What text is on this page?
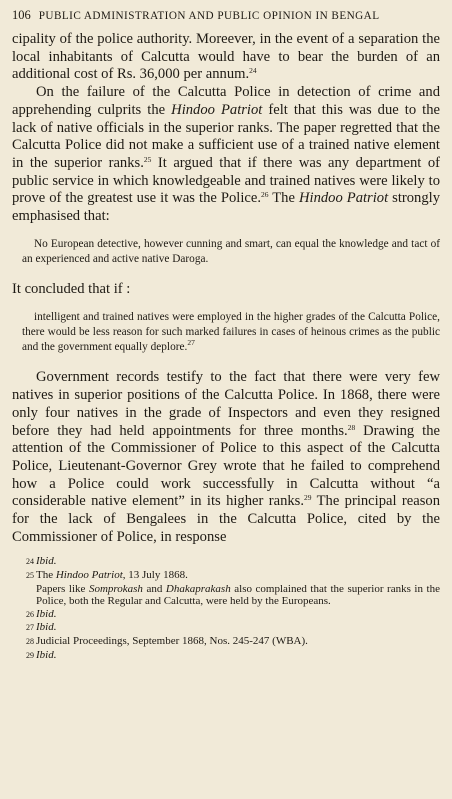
106 PUBLIC ADMINISTRATION AND PUBLIC OPINION IN BENGAL

cipality of the police authority. Moreever, in the event of a separation the local inhabitants of Calcutta would have to bear the burden of an additional cost of Rs. 36,000 per annum.$^{24}$

On the failure of the Calcutta Police in detection of crime and apprehending culprits the Hindoo Patriot felt that this was due to the lack of native officials in the superior ranks. The paper regretted that the Calcutta Police did not make a sufficient use of a trained native element in the superior ranks.$^{25}$ It argued that if there was any department of public service in which knowledgeable and trained natives were likely to prove of the greatest use it was the Police.$^{26}$ The Hindoo Patriot strongly emphasised that:

No European detective, however cunning and smart, can equal the knowledge and tact of an experienced and active native Daroga.

It concluded that if :

intelligent and trained natives were employed in the higher grades of the Calcutta Police, there would be less reason for such marked failures in cases of heinous crimes as the public and the government equally deplore.$^{27}$

Government records testify to the fact that there were very few natives in superior positions of the Calcutta Police. In 1868, there were only four natives in the grade of Inspectors and even they resigned before they had held appointments for three months.$^{28}$ Drawing the attention of the Commissioner of Police to this aspect of the Calcutta Police, Lieutenant-Governor Grey wrote that he failed to comprehend how a Police could work successfully in Calcutta without “a considerable native element” in its higher ranks.$^{29}$ The principal reason for the lack of Bengalees in the Calcutta Police, cited by the Commissioner of Police, in response

24 Ibid.

25 The Hindoo Patriot, 13 July 1868.

Papers like Somprokash and Dhakaprakash also complained that the superior ranks in the Police, both the Regular and Calcutta, were held by the Europeans.

26 Ibid.

27 Ibid.

28 Judicial Proceedings, September 1868, Nos. 245-247 (WBA).

29 Ibid.
